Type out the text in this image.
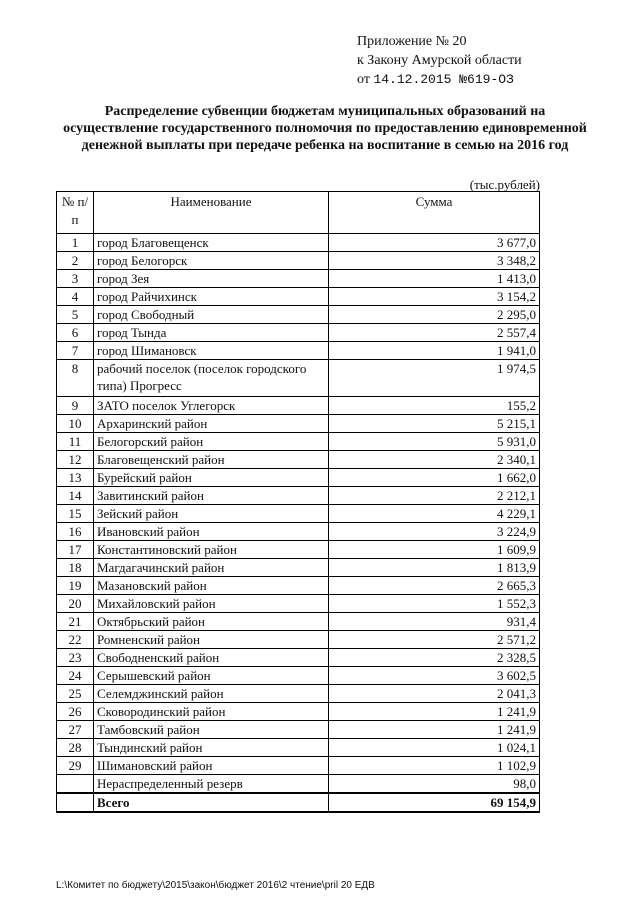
Приложение № 20
к Закону Амурской области
от 14.12.2015 №619-ОЗ
Распределение субвенции бюджетам муниципальных образований на осуществление государственного полномочия по предоставлению единовременной денежной выплаты при передаче ребенка на воспитание в семью на 2016 год
(тыс.рублей)
№ п/п	Наименование	Сумма
1	город Благовещенск	3 677,0
2	город Белогорск	3 348,2
3	город Зея	1 413,0
4	город Райчихинск	3 154,2
5	город Свободный	2 295,0
6	город Тында	2 557,4
7	город Шимановск	1 941,0
8	рабочий поселок (поселок городского типа) Прогресс	1 974,5
9	ЗАТО поселок Углегорск	155,2
10	Архаринский район	5 215,1
11	Белогорский район	5 931,0
12	Благовещенский район	2 340,1
13	Бурейский район	1 662,0
14	Завитинский район	2 212,1
15	Зейский район	4 229,1
16	Ивановский район	3 224,9
17	Константиновский район	1 609,9
18	Магдагачинский район	1 813,9
19	Мазановский район	2 665,3
20	Михайловский район	1 552,3
21	Октябрьский район	931,4
22	Ромненский район	2 571,2
23	Свободненский район	2 328,5
24	Серышевский район	3 602,5
25	Селемджинский район	2 041,3
26	Сковородинский район	1 241,9
27	Тамбовский район	1 241,9
28	Тындинский район	1 024,1
29	Шимановский район	1 102,9
	Нераспределенный резерв	98,0
	Всего	69 154,9
L:\Комитет по бюджету\2015\закон\бюджет 2016\2 чтение\pril 20 ЕДВ
